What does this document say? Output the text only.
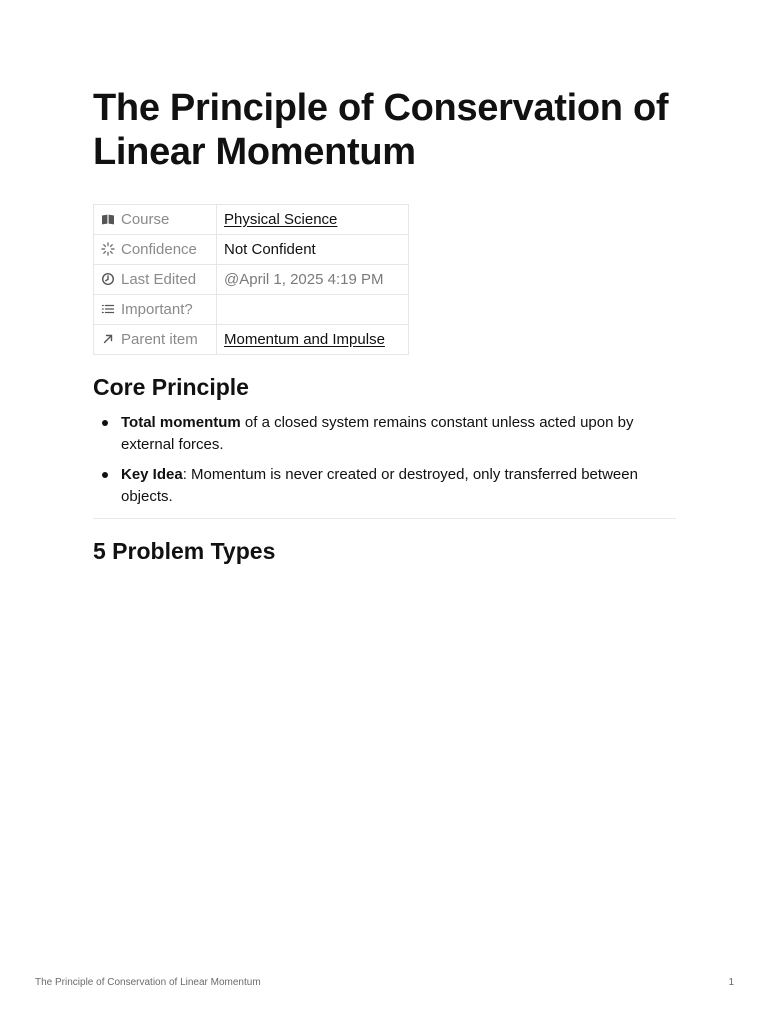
The Principle of Conservation of Linear Momentum
Course	Physical Science

Confidence	Not Confident

Last Edited	@April 1, 2025 4:19 PM

Important?	

Parent item	Momentum and Impulse
Core Principle
Total momentum of a closed system remains constant unless acted upon by external forces.
Key Idea: Momentum is never created or destroyed, only transferred between objects.
5 Problem Types
The Principle of Conservation of Linear Momentum	1
